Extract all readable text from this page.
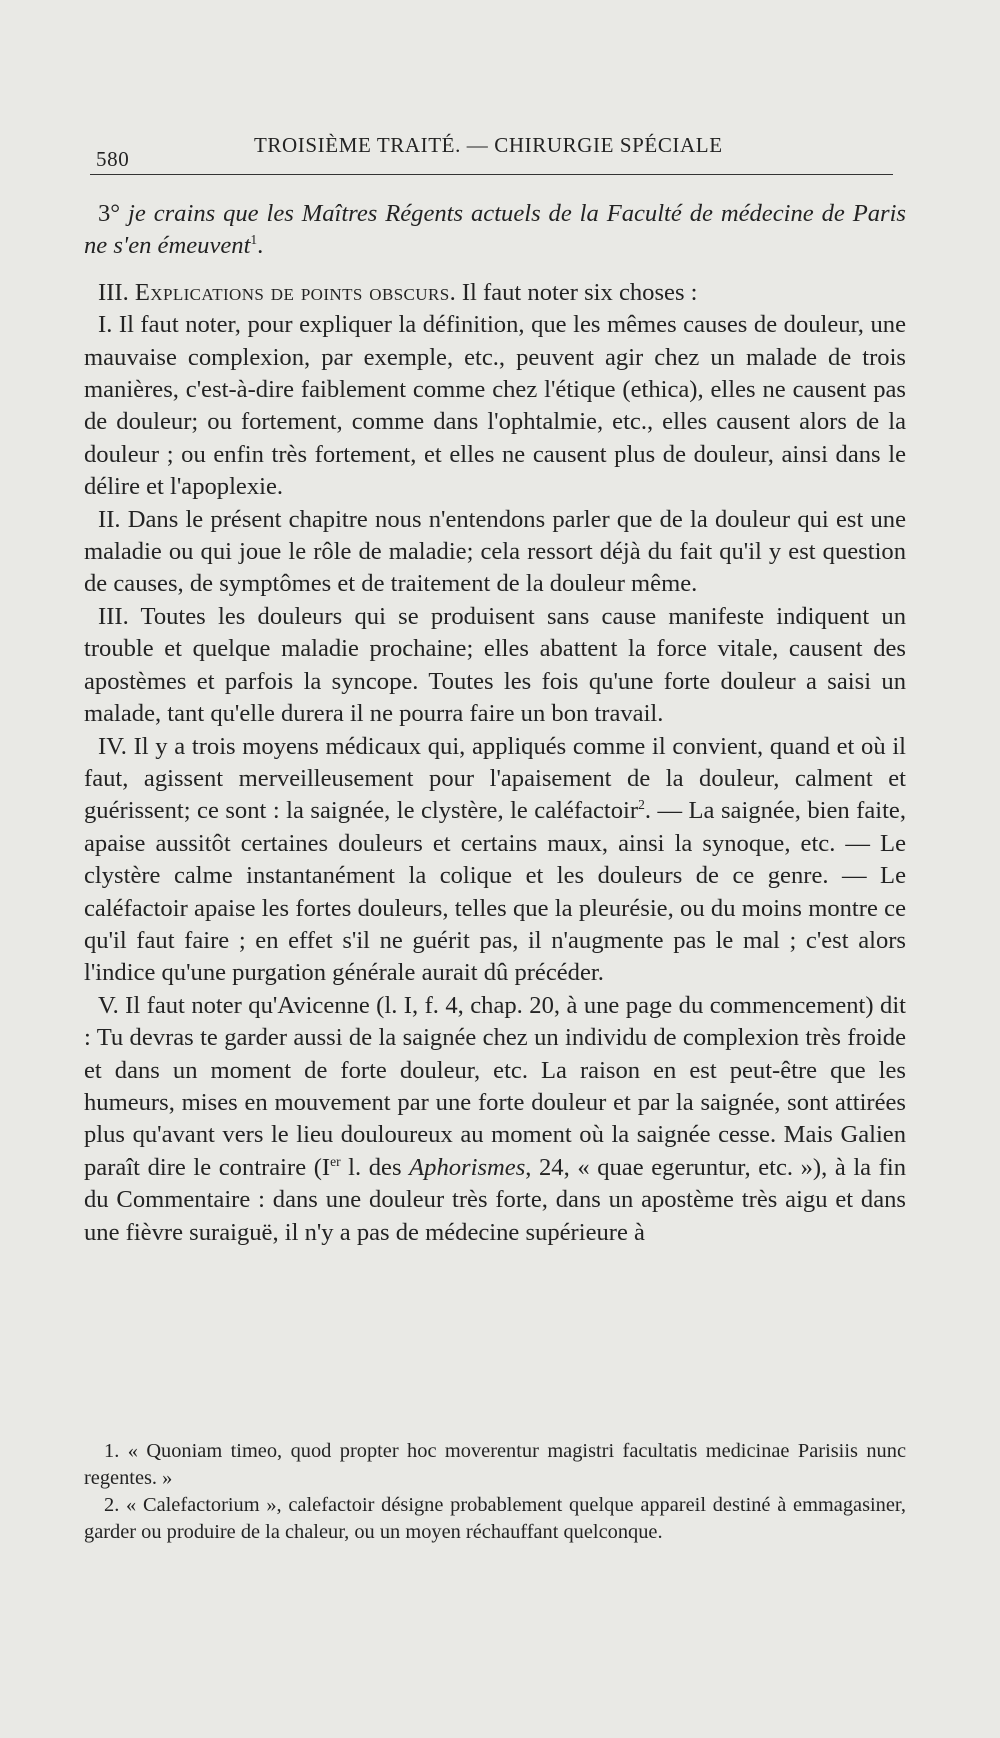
580
TROISIÈME TRAITÉ. — CHIRURGIE SPÉCIALE

3° je crains que les Maîtres Régents actuels de la Faculté de médecine de Paris ne s'en émeuvent$^1$.

III. Explications de points obscurs. Il faut noter six choses :

I. Il faut noter, pour expliquer la définition, que les mêmes causes de douleur, une mauvaise complexion, par exemple, etc., peuvent agir chez un malade de trois manières, c'est-à-dire faiblement comme chez l'étique (ethica), elles ne causent pas de douleur; ou fortement, comme dans l'ophtalmie, etc., elles causent alors de la douleur ; ou enfin très fortement, et elles ne causent plus de douleur, ainsi dans le délire et l'apoplexie.

II. Dans le présent chapitre nous n'entendons parler que de la douleur qui est une maladie ou qui joue le rôle de maladie; cela ressort déjà du fait qu'il y est question de causes, de symptômes et de traitement de la douleur même.

III. Toutes les douleurs qui se produisent sans cause manifeste indiquent un trouble et quelque maladie prochaine; elles abattent la force vitale, causent des apostèmes et parfois la syncope. Toutes les fois qu'une forte douleur a saisi un malade, tant qu'elle durera il ne pourra faire un bon travail.

IV. Il y a trois moyens médicaux qui, appliqués comme il convient, quand et où il faut, agissent merveilleusement pour l'apaisement de la douleur, calment et guérissent; ce sont : la saignée, le clystère, le caléfactoir$^2$. — La saignée, bien faite, apaise aussitôt certaines douleurs et certains maux, ainsi la synoque, etc. — Le clystère calme instantanément la colique et les douleurs de ce genre. — Le caléfactoir apaise les fortes douleurs, telles que la pleurésie, ou du moins montre ce qu'il faut faire ; en effet s'il ne guérit pas, il n'augmente pas le mal ; c'est alors l'indice qu'une purgation générale aurait dû précéder.

V. Il faut noter qu'Avicenne (l. I, f. 4, chap. 20, à une page du commencement) dit : Tu devras te garder aussi de la saignée chez un individu de complexion très froide et dans un moment de forte douleur, etc. La raison en est peut-être que les humeurs, mises en mouvement par une forte douleur et par la saignée, sont attirées plus qu'avant vers le lieu douloureux au moment où la saignée cesse. Mais Galien paraît dire le contraire (Ier l. des Aphorismes, 24, « quae egeruntur, etc. »), à la fin du Commentaire : dans une douleur très forte, dans un apostème très aigu et dans une fièvre suraiguë, il n'y a pas de médecine supérieure à

1. « Quoniam timeo, quod propter hoc moverentur magistri facultatis medicinae Parisiis nunc regentes. »

2. « Calefactorium », calefactoir désigne probablement quelque appareil destiné à emmagasiner, garder ou produire de la chaleur, ou un moyen réchauffant quelconque.
